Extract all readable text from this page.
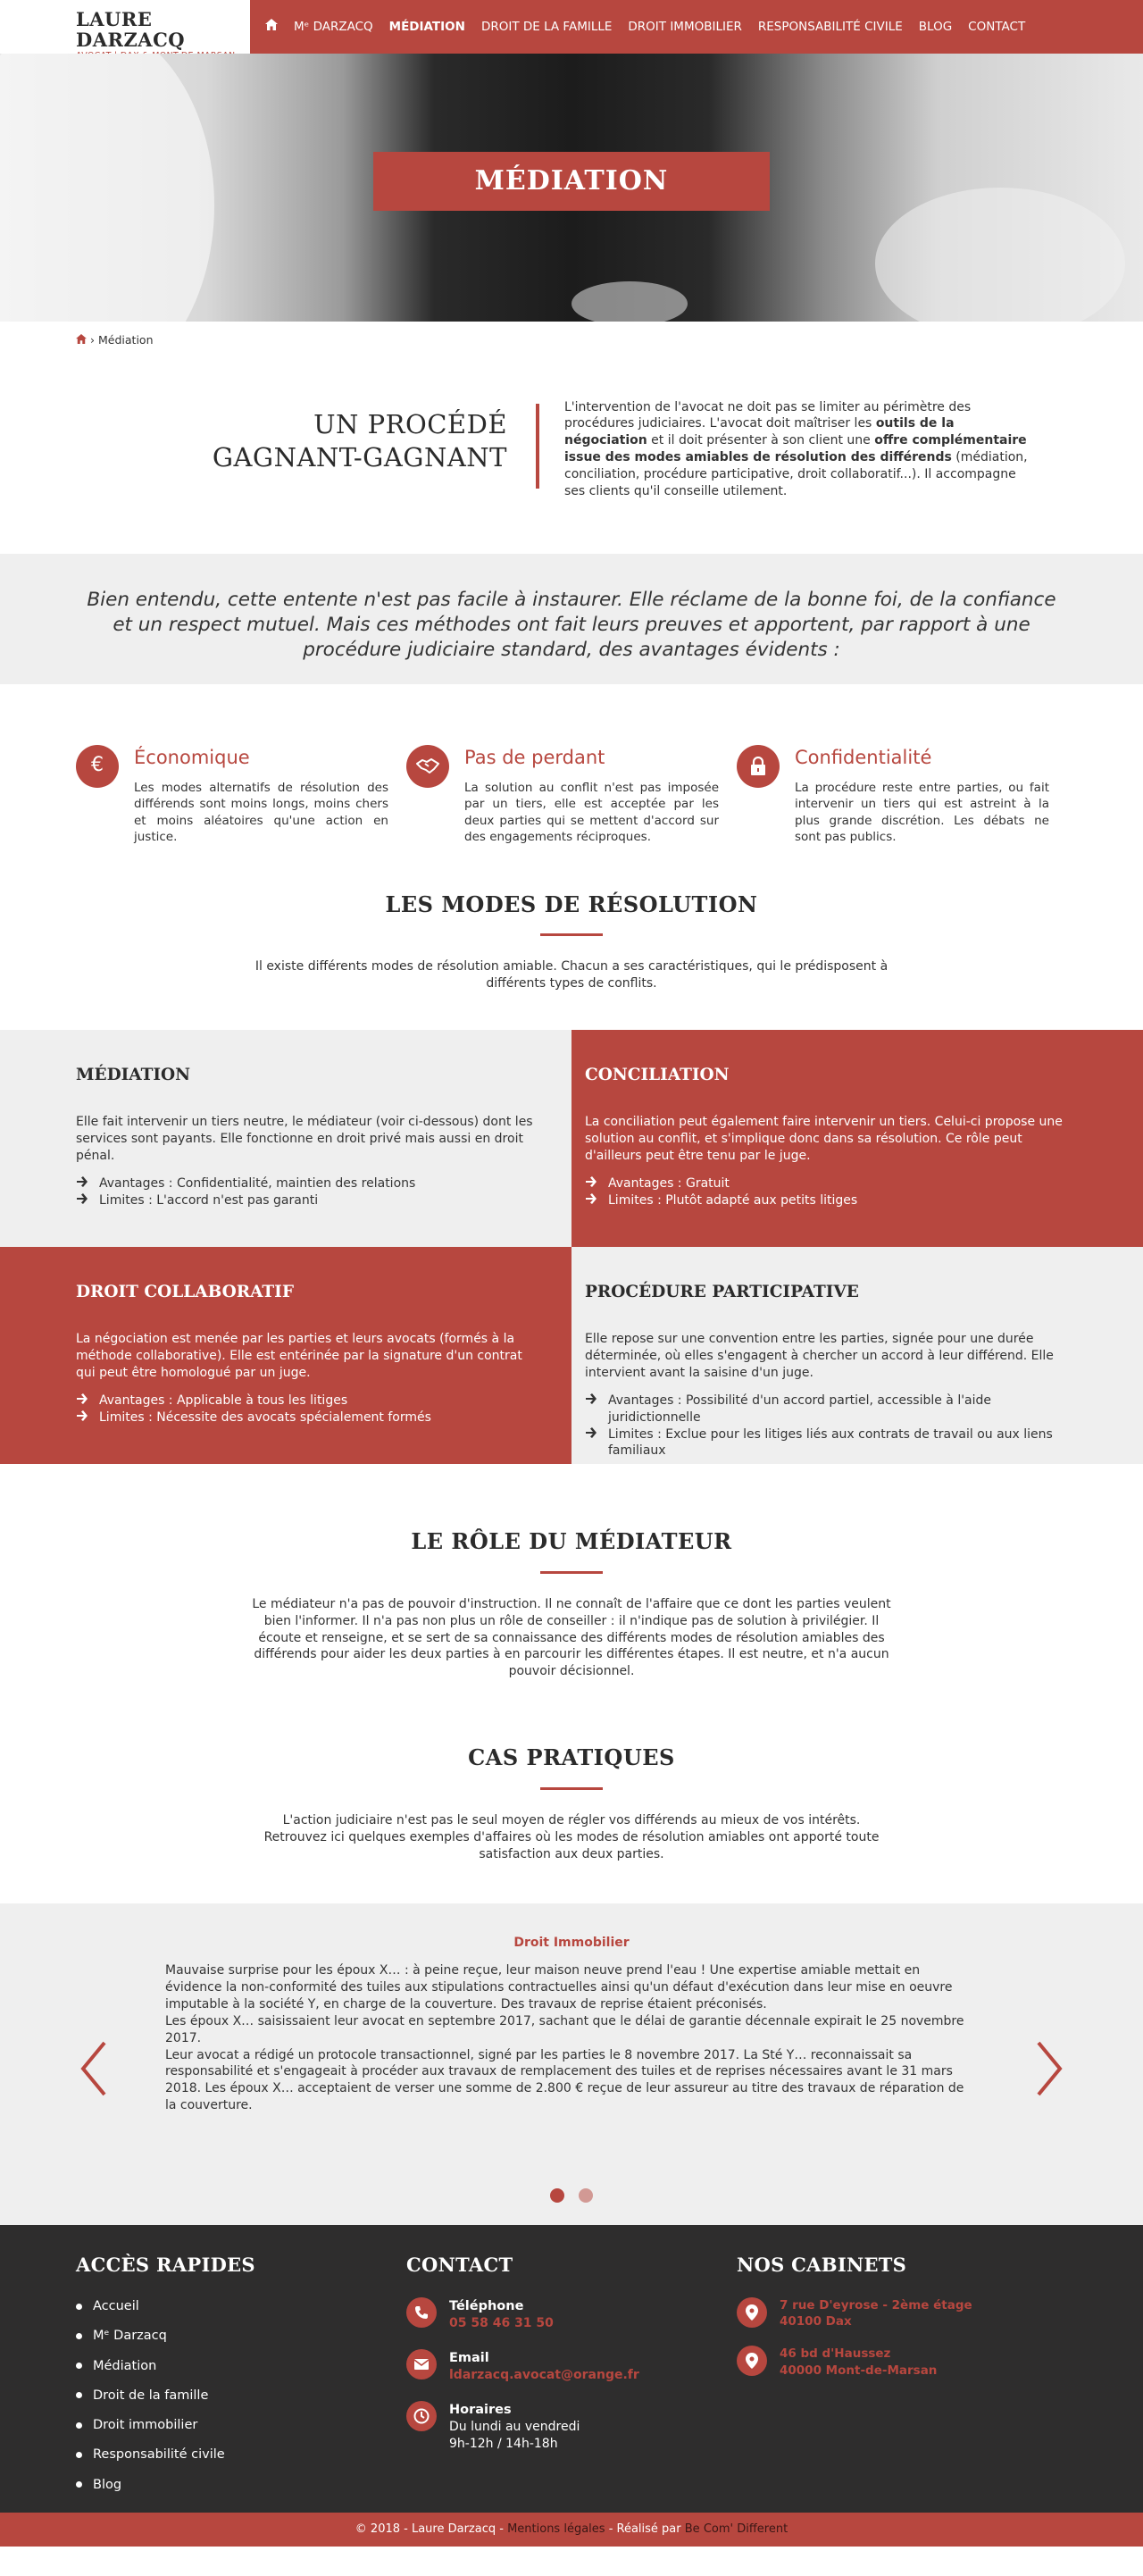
LAURE DARZACQ
Mᵉ DARZACQ	MÉDIATION	DROIT DE LA FAMILLE	DROIT IMMOBILIER	RESPONSABILITÉ CIVILE	BLOG	CONTACT
MÉDIATION
› Médiation
UN PROCÉDÉ
GAGNANT-GAGNANT
L'intervention de l'avocat ne doit pas se limiter au périmètre des procédures judiciaires. L'avocat doit maîtriser les outils de la négociation et il doit présenter à son client une offre complémentaire issue des modes amiables de résolution des différends (médiation, conciliation, procédure participative, droit collaboratif...). Il accompagne ses clients qu'il conseille utilement.
Bien entendu, cette entente n'est pas facile à instaurer. Elle réclame de la bonne foi, de la confiance et un respect mutuel. Mais ces méthodes ont fait leurs preuves et apportent, par rapport à une procédure judiciaire standard, des avantages évidents :
€	Économique
Les modes alternatifs de résolution des différends sont moins longs, moins chers et moins aléatoires qu'une action en justice.
Pas de perdant
La solution au conflit n'est pas imposée par un tiers, elle est acceptée par les deux parties qui se mettent d'accord sur des engagements réciproques.
Confidentialité
La procédure reste entre parties, ou fait intervenir un tiers qui est astreint à la plus grande discrétion. Les débats ne sont pas publics.
LES MODES DE RÉSOLUTION
Il existe différents modes de résolution amiable. Chacun a ses caractéristiques, qui le prédisposent à différents types de conflits.
MÉDIATION
Elle fait intervenir un tiers neutre, le médiateur (voir ci-dessous) dont les services sont payants. Elle fonctionne en droit privé mais aussi en droit pénal.
Avantages : Confidentialité, maintien des relations
Limites : L'accord n'est pas garanti
CONCILIATION
La conciliation peut également faire intervenir un tiers. Celui-ci propose une solution au conflit, et s'implique donc dans sa résolution. Ce rôle peut d'ailleurs peut être tenu par le juge.
Avantages : Gratuit
Limites : Plutôt adapté aux petits litiges
DROIT COLLABORATIF
La négociation est menée par les parties et leurs avocats (formés à la méthode collaborative). Elle est entérinée par la signature d'un contrat qui peut être homologué par un juge.
Avantages : Applicable à tous les litiges
Limites : Nécessite des avocats spécialement formés
PROCÉDURE PARTICIPATIVE
Elle repose sur une convention entre les parties, signée pour une durée déterminée, où elles s'engagent à chercher un accord à leur différend. Elle intervient avant la saisine d'un juge.
Avantages : Possibilité d'un accord partiel, accessible à l'aide juridictionnelle
Limites : Exclue pour les litiges liés aux contrats de travail ou aux liens familiaux
LE RÔLE DU MÉDIATEUR
Le médiateur n'a pas de pouvoir d'instruction. Il ne connaît de l'affaire que ce dont les parties veulent bien l'informer. Il n'a pas non plus un rôle de conseiller : il n'indique pas de solution à privilégier. Il écoute et renseigne, et se sert de sa connaissance des différents modes de résolution amiables des différends pour aider les deux parties à en parcourir les différentes étapes. Il est neutre, et n'a aucun pouvoir décisionnel.
CAS PRATIQUES
L'action judiciaire n'est pas le seul moyen de régler vos différends au mieux de vos intérêts. Retrouvez ici quelques exemples d'affaires où les modes de résolution amiables ont apporté toute satisfaction aux deux parties.
Droit Immobilier

Mauvaise surprise pour les époux X… : à peine reçue, leur maison neuve prend l'eau ! Une expertise amiable mettait en évidence la non-conformité des tuiles aux stipulations contractuelles ainsi qu'un défaut d'exécution dans leur mise en oeuvre imputable à la société Y, en charge de la couverture. Des travaux de reprise étaient préconisés.

Les époux X… saisissaient leur avocat en septembre 2017, sachant que le délai de garantie décennale expirait le 25 novembre 2017.

Leur avocat a rédigé un protocole transactionnel, signé par les parties le 8 novembre 2017. La Sté Y… reconnaissait sa responsabilité et s'engageait à procéder aux travaux de remplacement des tuiles et de reprises nécessaires avant le 31 mars 2018. Les époux X… acceptaient de verser une somme de 2.800 € reçue de leur assureur au titre des travaux de réparation de la couverture.

ACCÈS RAPIDES
Accueil
Mᵉ Darzacq
Médiation
Droit de la famille
Droit immobilier
Responsabilité civile
Blog
CONTACT
Téléphone
05 58 46 31 50
Email
ldarzacq.avocat@orange.fr
Horaires
Du lundi au vendredi
9h-12h / 14h-18h
NOS CABINETS
7 rue D'eyrose - 2ème étage
40100 Dax
46 bd d'Haussez
40000 Mont-de-Marsan
© 2018 - Laure Darzacq - Mentions légales - Réalisé par Be Com' Different
